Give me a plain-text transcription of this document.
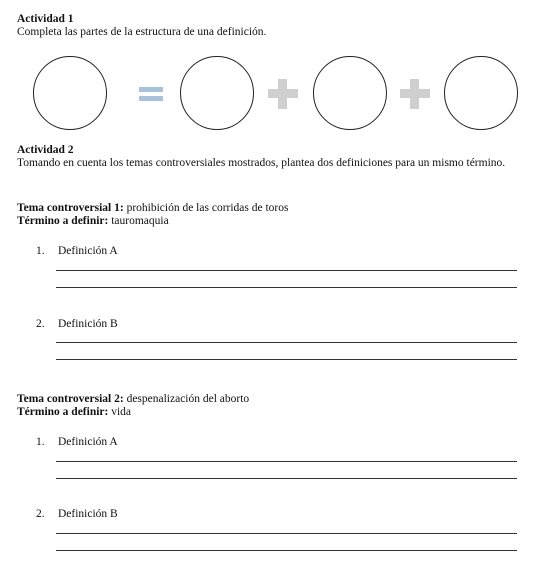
Actividad 1

Completa las partes de la estructura de una definición.

Actividad 2

Tomando en cuenta los temas controversiales mostrados, plantea dos definiciones para un mismo término.

Tema controversial 1: prohibición de las corridas de toros

Término a definir: tauromaquia

1. Definición A
2. Definición B

Tema controversial 2: despenalización del aborto

Término a definir: vida

1. Definición A
2. Definición B
